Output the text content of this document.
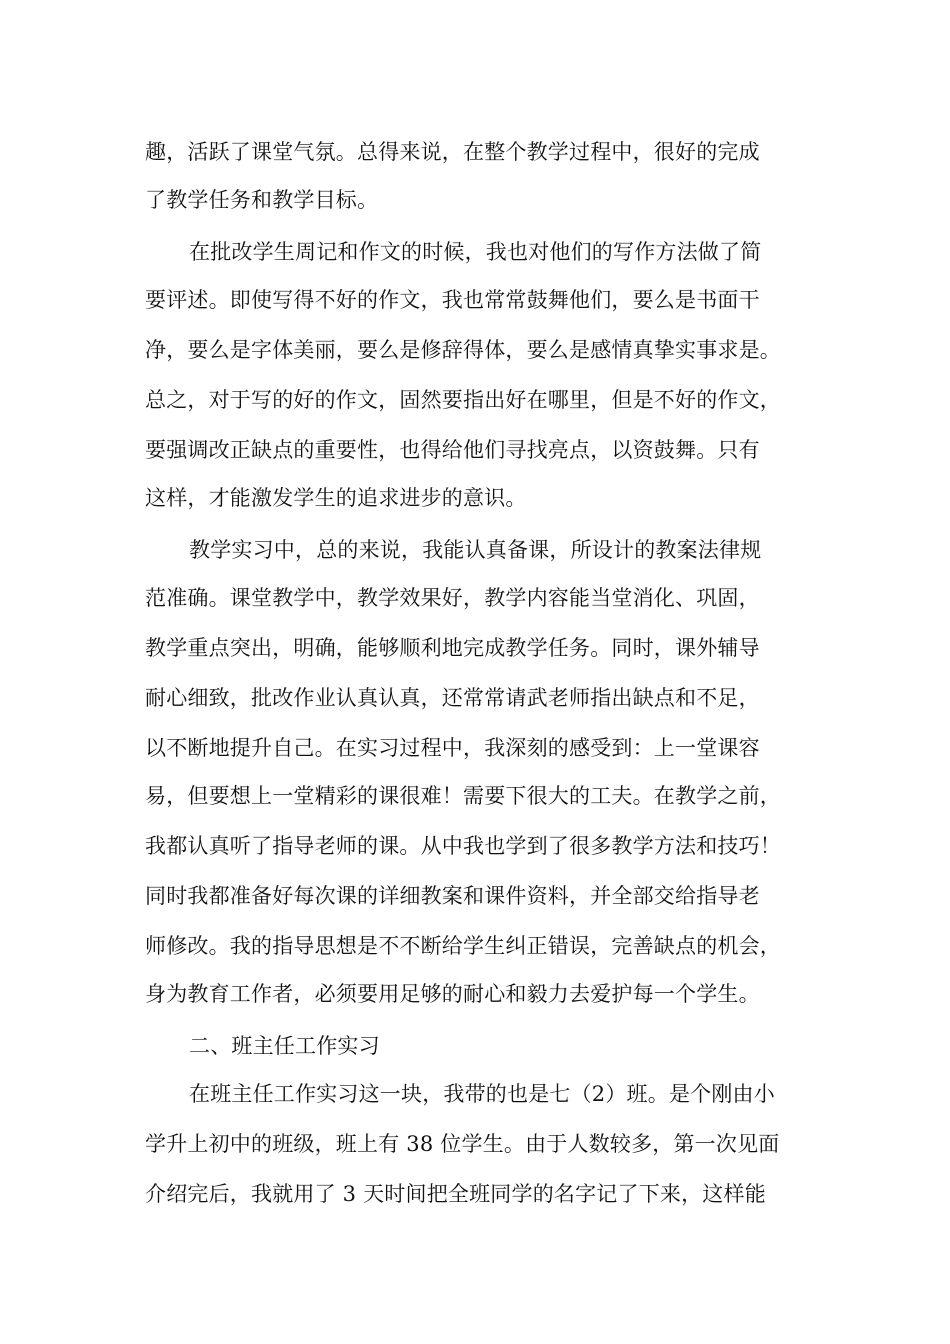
趣，活跃了课堂气氛。总得来说，在整个教学过程中，很好的完成
了教学任务和教学目标。
在批改学生周记和作文的时候，我也对他们的写作方法做了简
要评述。即使写得不好的作文，我也常常鼓舞他们，要么是书面干
净，要么是字体美丽，要么是修辞得体，要么是感情真挚实事求是。
总之，对于写的好的作文，固然要指出好在哪里，但是不好的作文，
要强调改正缺点的重要性，也得给他们寻找亮点，以资鼓舞。只有
这样，才能激发学生的追求进步的意识。
教学实习中，总的来说，我能认真备课，所设计的教案法律规
范准确。课堂教学中，教学效果好，教学内容能当堂消化、巩固，
教学重点突出，明确，能够顺利地完成教学任务。同时，课外辅导
耐心细致，批改作业认真认真，还常常请武老师指出缺点和不足，
以不断地提升自己。在实习过程中，我深刻的感受到：上一堂课容
易，但要想上一堂精彩的课很难！需要下很大的工夫。在教学之前，
我都认真听了指导老师的课。从中我也学到了很多教学方法和技巧！
同时我都准备好每次课的详细教案和课件资料，并全部交给指导老
师修改。我的指导思想是不不断给学生纠正错误，完善缺点的机会，
身为教育工作者，必须要用足够的耐心和毅力去爱护每一个学生。
二、班主任工作实习
在班主任工作实习这一块，我带的也是七（2）班。是个刚由小
学升上初中的班级，班上有 38 位学生。由于人数较多，第一次见面
介绍完后，我就用了 3 天时间把全班同学的名字记了下来，这样能
